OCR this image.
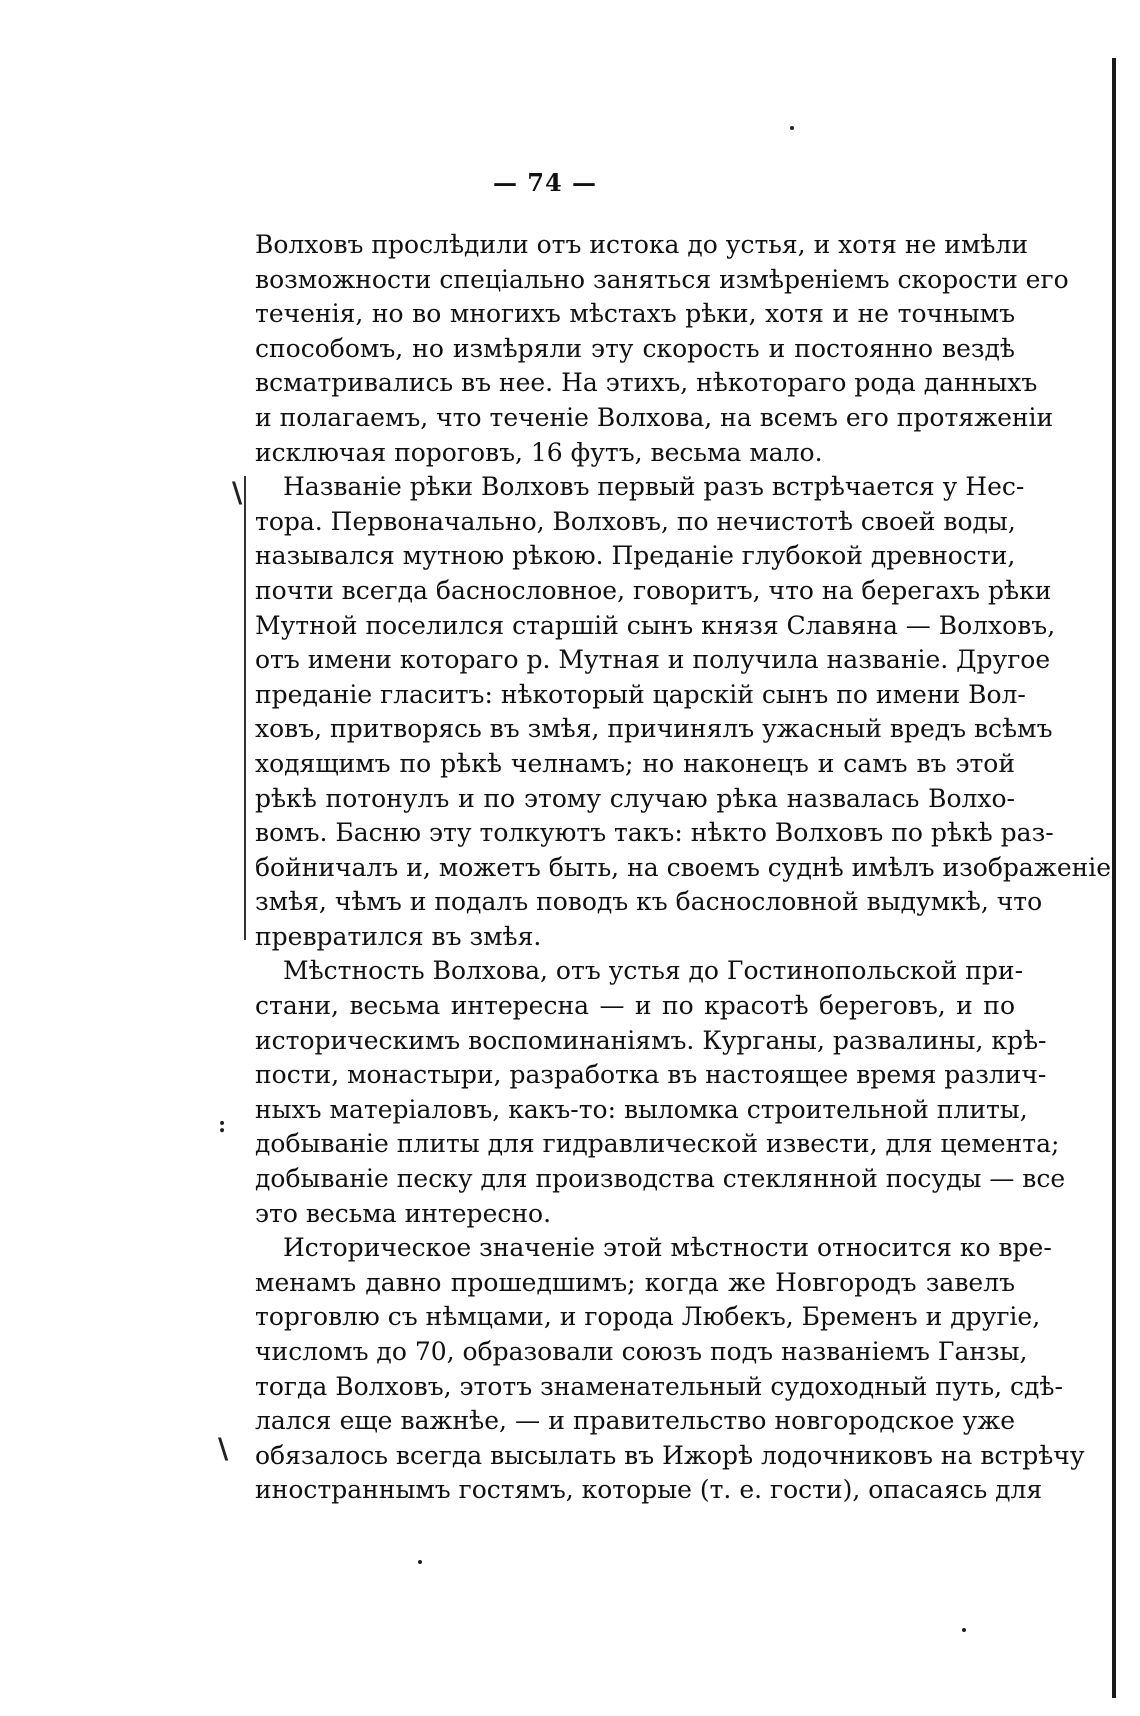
— 74 —
\
:
\
Волховъ прослѣдили отъ истока до устья, и хотя не имѣли
возможности спеціально заняться измѣреніемъ скорости его
теченія, но во многихъ мѣстахъ рѣки, хотя и не точнымъ
способомъ, но измѣряли эту скорость и постоянно вездѣ
всматривались въ нее. На этихъ, нѣкотораго рода данныхъ
и полагаемъ, что теченіе Волхова, на всемъ его протяженіи
исключая пороговъ, 16 футъ, весьма мало.
Названіе рѣки Волховъ первый разъ встрѣчается у Нес-
тора. Первоначально, Волховъ, по нечистотѣ своей воды,
назывался мутною рѣкою. Преданіе глубокой древности,
почти всегда баснословное, говоритъ, что на берегахъ рѣки
Мутной поселился старшій сынъ князя Славяна — Волховъ,
отъ имени котораго р. Мутная и получила названіе. Другое
преданіе гласитъ: нѣкоторый царскій сынъ по имени Вол-
ховъ, притворясь въ змѣя, причинялъ ужасный вредъ всѣмъ
ходящимъ по рѣкѣ челнамъ; но наконецъ и самъ въ этой
рѣкѣ потонулъ и по этому случаю рѣка назвалась Волхо-
вомъ. Басню эту толкуютъ такъ: нѣкто Волховъ по рѣкѣ раз-
бойничалъ и, можетъ быть, на своемъ суднѣ имѣлъ изображеніе
змѣя, чѣмъ и подалъ поводъ къ баснословной выдумкѣ, что
превратился въ змѣя.
Мѣстность Волхова, отъ устья до Гостинопольской при-
стани, весьма интересна — и по красотѣ береговъ, и по
историческимъ воспоминаніямъ. Курганы, развалины, крѣ-
пости, монастыри, разработка въ настоящее время различ-
ныхъ матеріаловъ, какъ-то: выломка строительной плиты,
добываніе плиты для гидравлической извести, для цемента;
добываніе песку для производства стеклянной посуды — все
это весьма интересно.
Историческое значеніе этой мѣстности относится ко вре-
менамъ давно прошедшимъ; когда же Новгородъ завелъ
торговлю съ нѣмцами, и города Любекъ, Бременъ и другіе,
числомъ до 70, образовали союзъ подъ названіемъ Ганзы,
тогда Волховъ, этотъ знаменательный судоходный путь, сдѣ-
лался еще важнѣе, — и правительство новгородское уже
обязалось всегда высылать въ Ижорѣ лодочниковъ на встрѣчу
иностраннымъ гостямъ, которые (т. е. гости), опасаясь для
